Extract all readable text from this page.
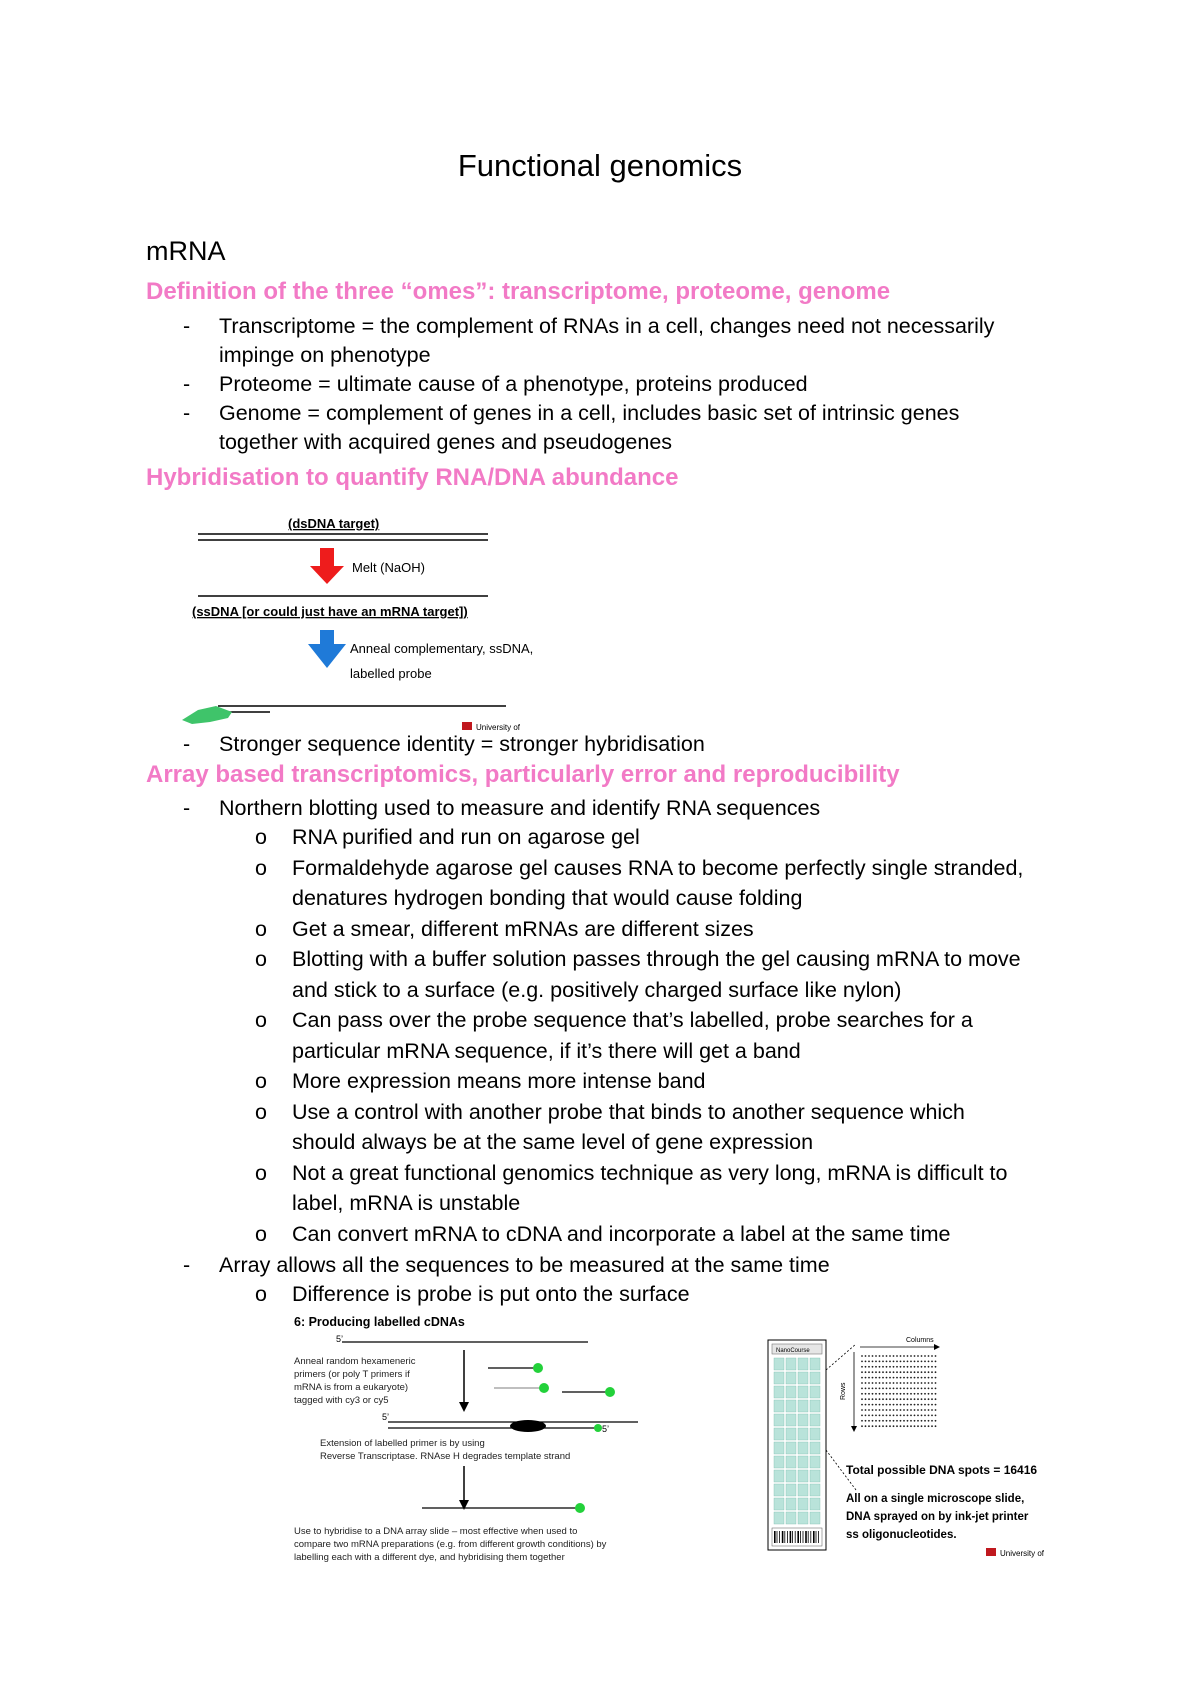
Functional genomics
mRNA
Definition of the three “omes”: transcriptome, proteome, genome
- Transcriptome = the complement of RNAs in a cell, changes need not necessarily
impinge on phenotype
- Proteome = ultimate cause of a phenotype, proteins produced
- Genome = complement of genes in a cell, includes basic set of intrinsic genes
together with acquired genes and pseudogenes
Hybridisation to quantify RNA/DNA abundance
(dsDNA target)
Melt (NaOH)
(ssDNA [or could just have an mRNA target])
Anneal complementary, ssDNA,
labelled probe
University of
- Stronger sequence identity = stronger hybridisation
Array based transcriptomics, particularly error and reproducibility
- Northern blotting used to measure and identify RNA sequences
o RNA purified and run on agarose gel
o Formaldehyde agarose gel causes RNA to become perfectly single stranded,
denatures hydrogen bonding that would cause folding
o Get a smear, different mRNAs are different sizes
o Blotting with a buffer solution passes through the gel causing mRNA to move
and stick to a surface (e.g. positively charged surface like nylon)
o Can pass over the probe sequence that’s labelled, probe searches for a
particular mRNA sequence, if it’s there will get a band
o More expression means more intense band
o Use a control with another probe that binds to another sequence which
should always be at the same level of gene expression
o Not a great functional genomics technique as very long, mRNA is difficult to
label, mRNA is unstable
o Can convert mRNA to cDNA and incorporate a label at the same time
- Array allows all the sequences to be measured at the same time
o Difference is probe is put onto the surface
6: Producing labelled cDNAs
5’
Anneal random hexameneric
primers (or poly T primers if
mRNA is from a eukaryote)
tagged with cy3 or cy5
5’
5’
Extension of labelled primer is by using
Reverse Transcriptase. RNAse H degrades template strand
Use to hybridise to a DNA array slide – most effective when used to
compare two mRNA preparations (e.g. from different growth conditions) by
labelling each with a different dye, and hybridising them together
NanoCourse
Columns
Rows
Total possible DNA spots = 16416
All on a single microscope slide,
DNA sprayed on by ink-jet printer
ss oligonucleotides.
University of
